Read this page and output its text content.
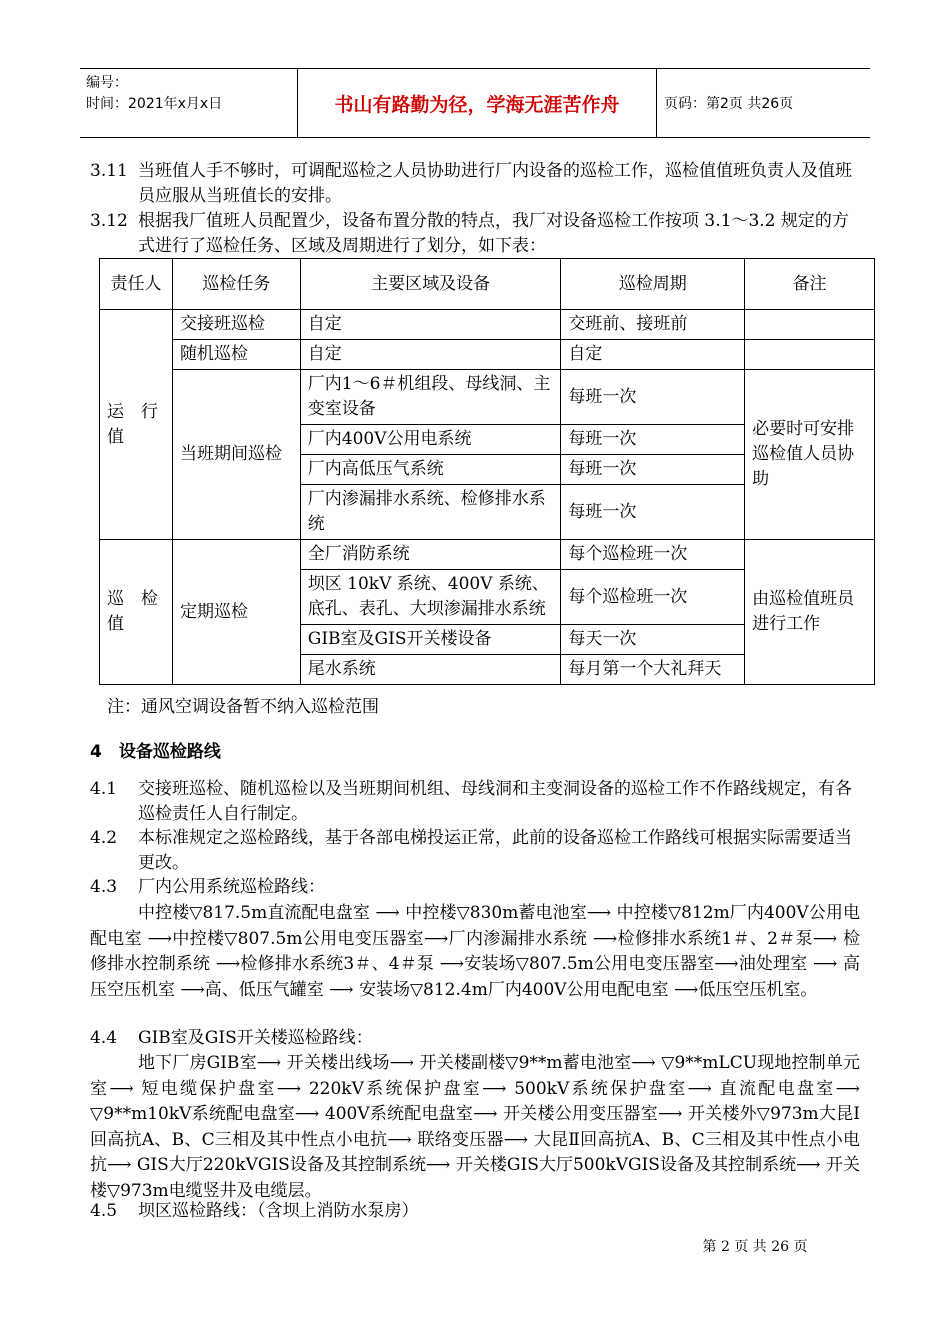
编号：
时间：2021年x月x日	书山有路勤为径，学海无涯苦作舟	页码：第2页 共26页
3.11 当班值人手不够时，可调配巡检之人员协助进行厂内设备的巡检工作，巡检值值班负责人及值班员应服从当班值长的安排。
3.12 根据我厂值班人员配置少，设备布置分散的特点，我厂对设备巡检工作按项 3.1～3.2 规定的方式进行了巡检任务、区域及周期进行了划分，如下表：
责任人	巡检任务	主要区域及设备	巡检周期	备注
运　行值	交接班巡检	自定	交班前、接班前	
	随机巡检	自定	自定	
	当班期间巡检	厂内1～6＃机组段、母线洞、主变室设备	每班一次	必要时可安排巡检值人员协助
		厂内400V公用电系统	每班一次	
		厂内高低压气系统	每班一次	
		厂内渗漏排水系统、检修排水系统	每班一次	
巡　检值	定期巡检	全厂消防系统	每个巡检班一次	由巡检值班员进行工作
		坝区 10kV 系统、400V 系统、底孔、表孔、大坝渗漏排水系统	每个巡检班一次	
		GIB室及GIS开关楼设备	每天一次	
		尾水系统	每月第一个大礼拜天	
注：通风空调设备暂不纳入巡检范围
4　设备巡检路线
4.1 交接班巡检、随机巡检以及当班期间机组、母线洞和主变洞设备的巡检工作不作路线规定，有各巡检责任人自行制定。
4.2 本标准规定之巡检路线，基于各部电梯投运正常，此前的设备巡检工作路线可根据实际需要适当更改。
4.3 厂内公用系统巡检路线：
中控楼▽817.5m直流配电盘室 ⟶ 中控楼▽830m蓄电池室⟶ 中控楼▽812m厂内400V公用电配电室 ⟶中控楼▽807.5m公用电变压器室⟶厂内渗漏排水系统 ⟶检修排水系统1＃、2＃泵⟶ 检修排水控制系统 ⟶检修排水系统3＃、4＃泵 ⟶安装场▽807.5m公用电变压器室⟶油处理室 ⟶ 高压空压机室 ⟶高、低压气罐室 ⟶ 安装场▽812.4m厂内400V公用电配电室 ⟶低压空压机室。
4.4 GIB室及GIS开关楼巡检路线：
地下厂房GIB室⟶ 开关楼出线场⟶ 开关楼副楼▽9**m蓄电池室⟶ ▽9**mLCU现地控制单元室⟶ 短电缆保护盘室⟶ 220kV系统保护盘室⟶ 500kV系统保护盘室⟶ 直流配电盘室⟶ ▽9**m10kV系统配电盘室⟶ 400V系统配电盘室⟶ 开关楼公用变压器室⟶ 开关楼外▽973m大昆Ⅰ回高抗A、B、C三相及其中性点小电抗⟶ 联络变压器⟶ 大昆Ⅱ回高抗A、B、C三相及其中性点小电抗⟶ GIS大厅220kVGIS设备及其控制系统⟶ 开关楼GIS大厅500kVGIS设备及其控制系统⟶ 开关楼▽973m电缆竖井及电缆层。
4.5 坝区巡检路线：（含坝上消防水泵房）
第 2 页 共 26 页
